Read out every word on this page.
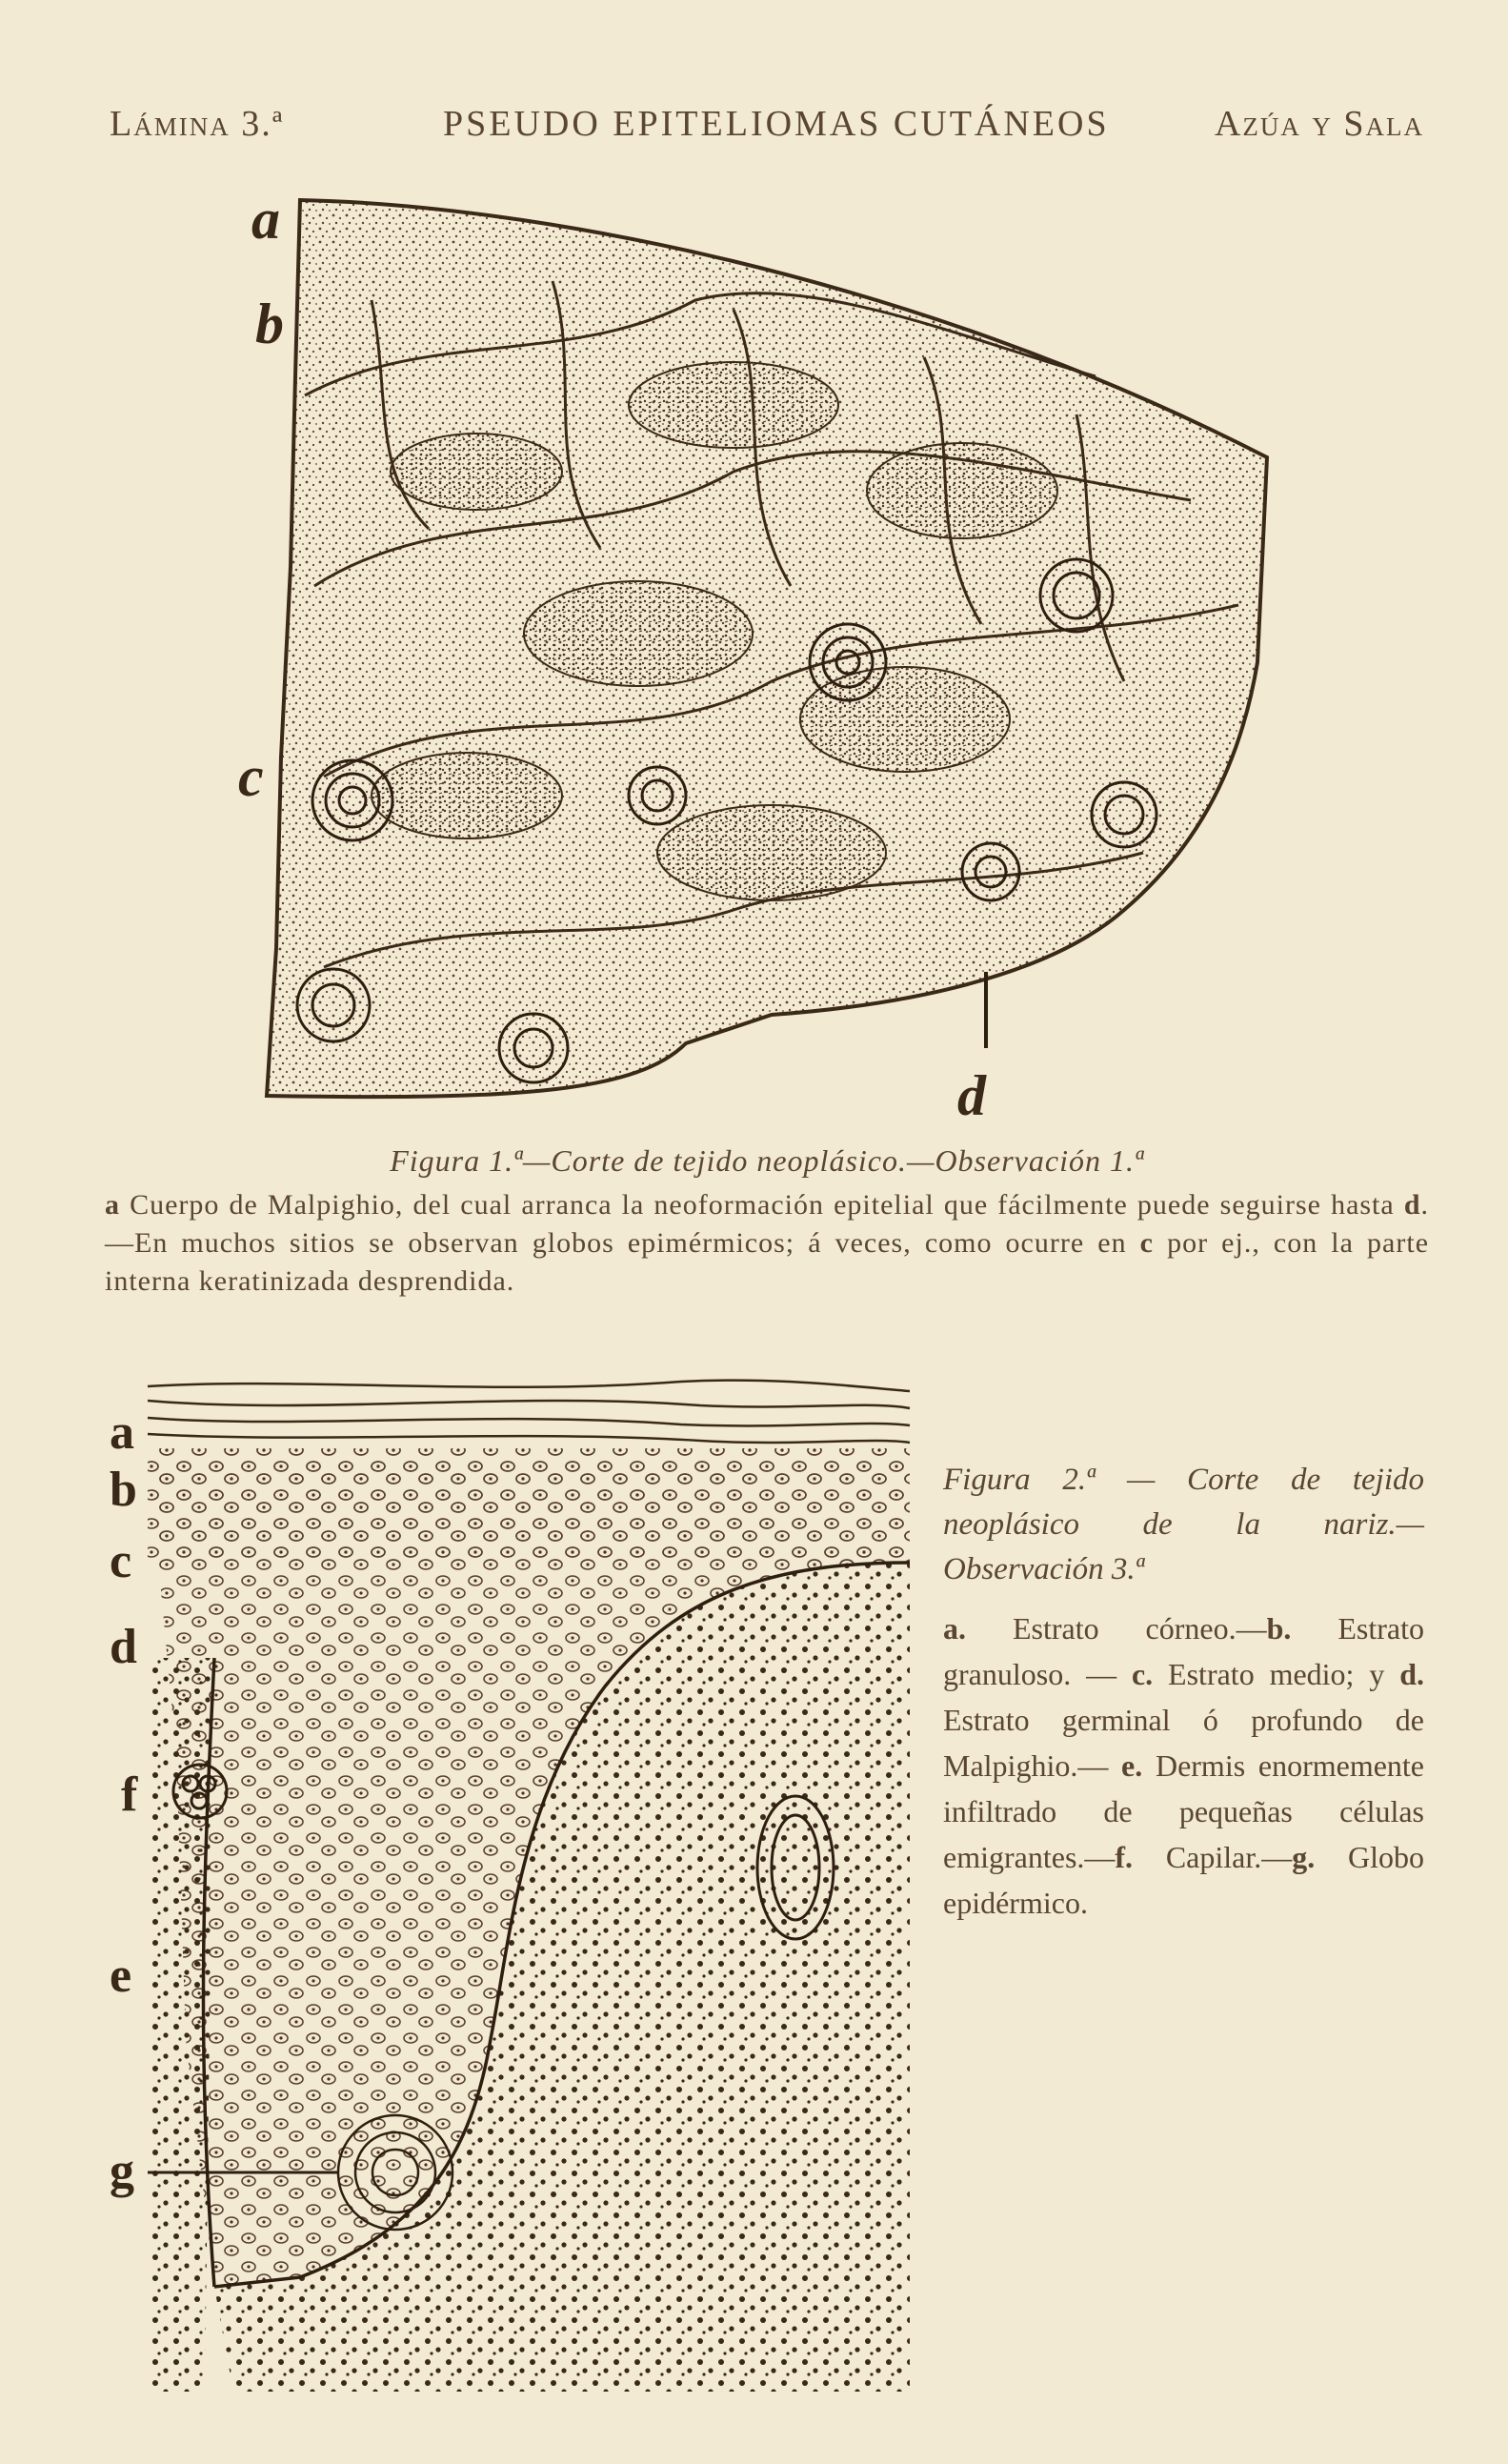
Lámina 3.ª	PSEUDO EPITELIOMAS CUTÁNEOS	Azúa y Sala
a
b
c
d
Figura 1.ª—Corte de tejido neoplásico.—Observación 1.ª
a Cuerpo de Malpighio, del cual arranca la neoformación epitelial que fácilmente puede seguirse hasta d. —En muchos sitios se observan globos epimérmicos; á veces, como ocurre en c por ej., con la parte interna keratinizada desprendida.
a
b
c
d
f
e
g
Figura 2.ª — Corte de tejido neoplásico de la nariz.— Observación 3.ª
a. Estrato córneo.—b. Estrato granuloso. — c. Estrato medio; y d. Estrato germinal ó profundo de Malpighio.— e. Dermis enormemente infiltrado de pequeñas células emigrantes.—f. Capilar.—g. Globo epidérmico.
